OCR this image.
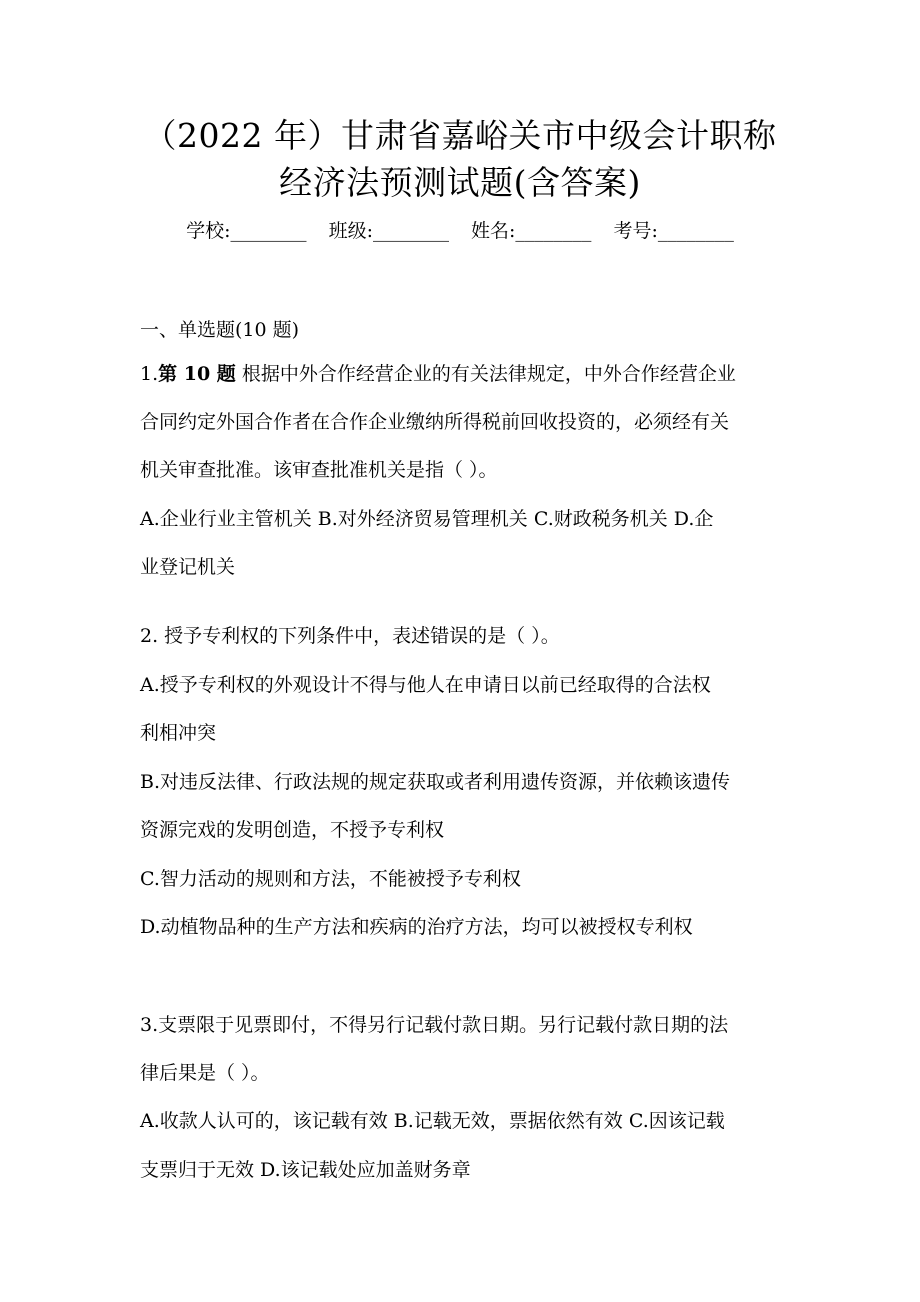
（2022 年）甘肃省嘉峪关市中级会计职称
经济法预测试题(含答案)
学校:________ 班级:________ 姓名:________ 考号:________
一、单选题(10 题)
1.第 10 题 根据中外合作经营企业的有关法律规定，中外合作经营企业
合同约定外国合作者在合作企业缴纳所得税前回收投资的，必须经有关
机关审查批准。该审查批准机关是指（ ）。
A.企业行业主管机关 B.对外经济贸易管理机关 C.财政税务机关 D.企
业登记机关
2. 授予专利权的下列条件中，表述错误的是（ ）。
A.授予专利权的外观设计不得与他人在申请日以前已经取得的合法权
利相冲突
B.对违反法律、行政法规的规定获取或者利用遗传资源，并依赖该遗传
资源完戏的发明创造，不授予专利权
C.智力活动的规则和方法，不能被授予专利权
D.动植物品种的生产方法和疾病的治疗方法，均可以被授权专利权
3.支票限于见票即付，不得另行记载付款日期。另行记载付款日期的法
律后果是（ ）。
A.收款人认可的，该记载有效 B.记载无效，票据依然有效 C.因该记载
支票归于无效 D.该记载处应加盖财务章
